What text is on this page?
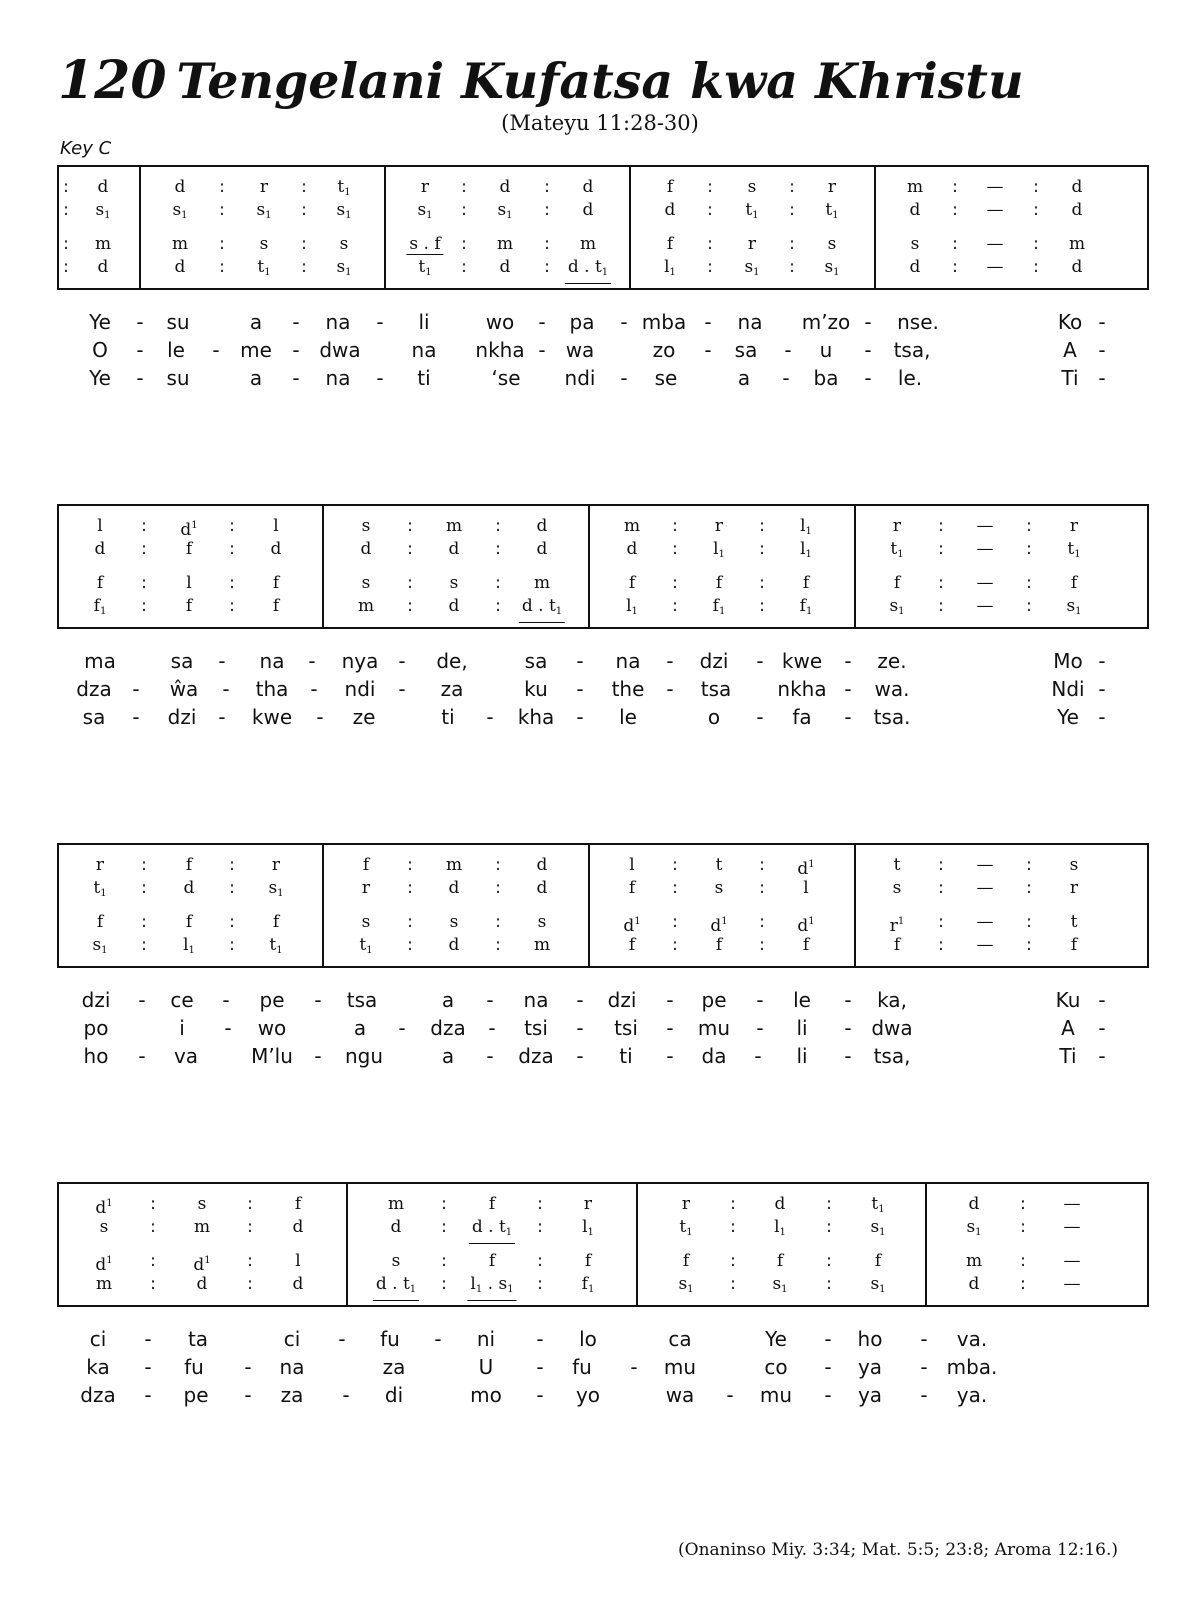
120 Tengelani Kufatsa kwa Khristu
(Mateyu 11:28-30)
Key C
: d
: $s_1$
: m
: d
d : r : $t_1$
$s_1$ : $s_1$ : $s_1$
m : s : s
d : $t_1$ : $s_1$
r : d : d
$s_1$ : $s_1$ : d
s . f : m : m
$t_1$ : d : d . $t_1$
f : s : r
d : $t_1$ : $t_1$
f : r : s
$l_1$ : $s_1$ : $s_1$
m : — : d
d : — : d
s : — : m
d : — : d
Ye - su	a - na - li	wo - pa - mba - na m’zo - nse.	Ko -
O - le - me - dwa	na nkha - wa	zo - sa - u - tsa,	A -
Ye - su	a - na - ti	‘se ndi - se	a - ba - le.	Ti -
l : $d^1$ : l
d : f : d
f : l : f
$f_1$ : f : f
s : m : d
d : d : d
s : s : m
m : d : d . $t_1$
m : r : $l_1$
d : $l_1$ : $l_1$
f : f : f
$l_1$ : $f_1$ : $f_1$
r : — : r
$t_1$ : — : $t_1$
f : — : f
$s_1$ : — : $s_1$
ma	sa - na - nya - de,	sa - na - dzi - kwe - ze.	Mo -
dza - ŵa - tha - ndi - za	ku - the - tsa nkha - wa.	Ndi -
sa - dzi - kwe - ze	ti - kha - le	o - fa - tsa.	Ye -
r : f : r
$t_1$ : d : $s_1$
f : f : f
$s_1$ : $l_1$ : $t_1$
f : m : d
r : d : d
s : s : s
$t_1$ : d : m
l : t : $d^1$
f : s : l
$d^1$ : $d^1$ : $d^1$
f : f : f
t : — : s
s : — : r
$r^1$ : — : t
f : — : f
dzi - ce - pe - tsa	a - na - dzi - pe - le - ka,	Ku -
po	i - wo	a - dza - tsi - tsi - mu - li - dwa	A -
ho - va	M’lu - ngu	a - dza - ti - da - li - tsa,	Ti -
$d^1$ : s : f
s : m : d
$d^1$ : $d^1$ : l
m : d : d
m : f : r
d : d . $t_1$ : $l_1$
s : f : f
d . $t_1$ : $l_1$ . $s_1$ : $f_1$
r : d : $t_1$
$t_1$ : $l_1$ : $s_1$
f : f	:	f
$s_1$ : $s_1$ : $s_1$
d : —
$s_1$ : —
m : —
d : —
ci - ta	ci - fu - ni - lo	ca	Ye - ho - va.
ka - fu - na	za	U - fu - mu	co - ya - mba.
dza - pe - za - di	mo - yo	wa - mu - ya - ya.
(Onaninso Miy. 3:34; Mat. 5:5; 23:8; Aroma 12:16.)
